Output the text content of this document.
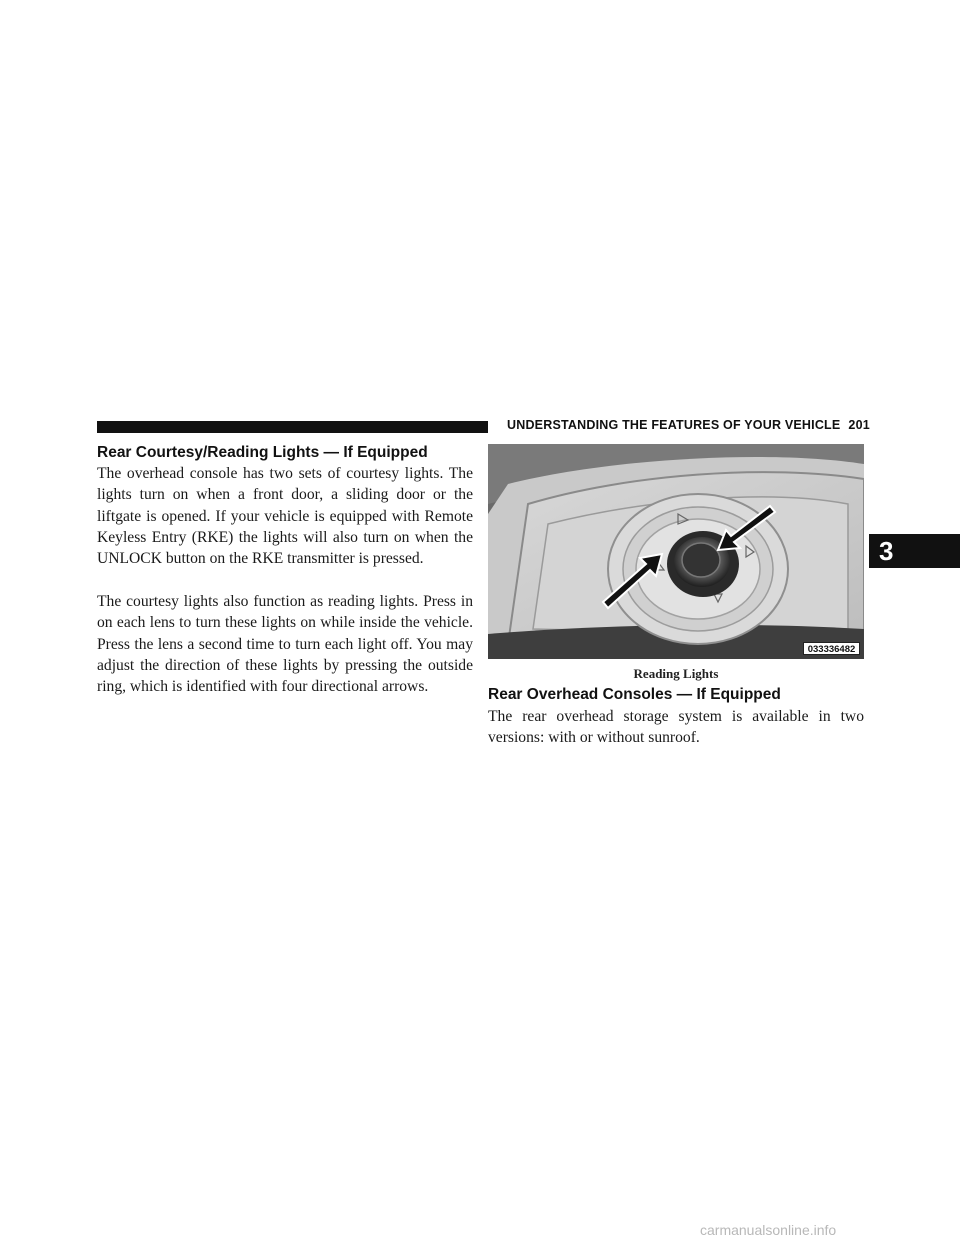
UNDERSTANDING THE FEATURES OF YOUR VEHICLE 201
3
Rear Courtesy/Reading Lights — If Equipped
The overhead console has two sets of courtesy lights. The lights turn on when a front door, a sliding door or the liftgate is opened. If your vehicle is equipped with Remote Keyless Entry (RKE) the lights will also turn on when the UNLOCK button on the RKE transmitter is pressed.
The courtesy lights also function as reading lights. Press in on each lens to turn these lights on while inside the vehicle. Press the lens a second time to turn each light off. You may adjust the direction of these lights by pressing the outside ring, which is identified with four directional arrows.
033336482
Reading Lights
Rear Overhead Consoles — If Equipped
The rear overhead storage system is available in two versions: with or without sunroof.
carmanualsonline.info
